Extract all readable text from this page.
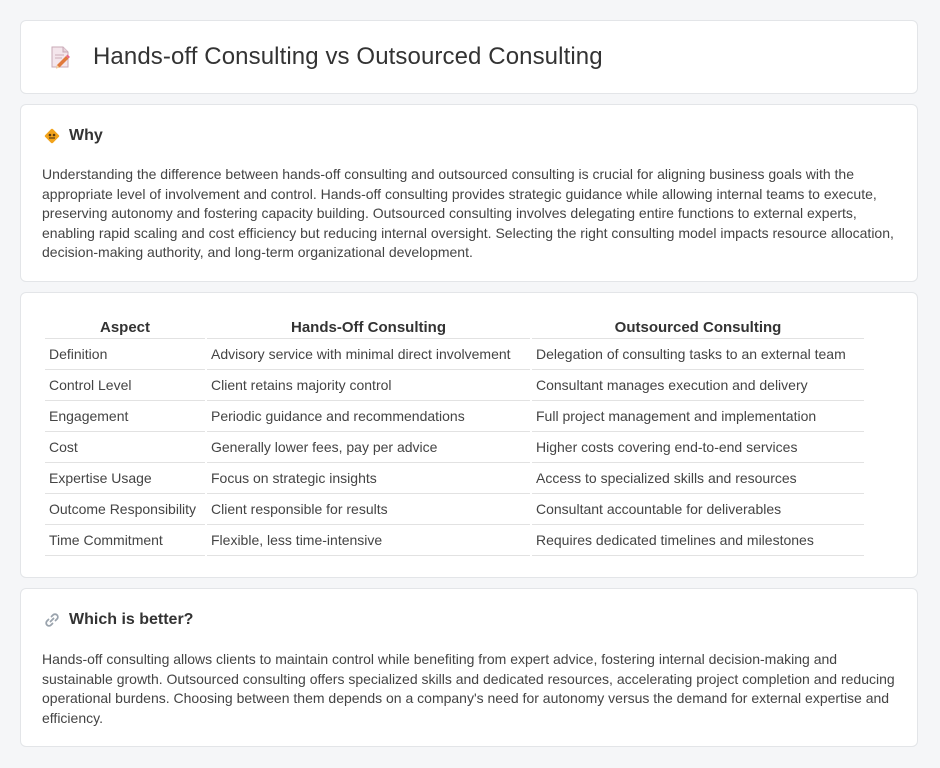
Hands-off Consulting vs Outsourced Consulting
Why

Understanding the difference between hands-off consulting and outsourced consulting is crucial for aligning business goals with the appropriate level of involvement and control. Hands-off consulting provides strategic guidance while allowing internal teams to execute, preserving autonomy and fostering capacity building. Outsourced consulting involves delegating entire functions to external experts, enabling rapid scaling and cost efficiency but reducing internal oversight. Selecting the right consulting model impacts resource allocation, decision-making authority, and long-term organizational development.

Aspect	Hands-Off Consulting	Outsourced Consulting
Definition	Advisory service with minimal direct involvement	Delegation of consulting tasks to an external team
Control Level	Client retains majority control	Consultant manages execution and delivery
Engagement	Periodic guidance and recommendations	Full project management and implementation
Cost	Generally lower fees, pay per advice	Higher costs covering end-to-end services
Expertise Usage	Focus on strategic insights	Access to specialized skills and resources
Outcome Responsibility	Client responsible for results	Consultant accountable for deliverables
Time Commitment	Flexible, less time-intensive	Requires dedicated timelines and milestones
Which is better?

Hands-off consulting allows clients to maintain control while benefiting from expert advice, fostering internal decision-making and sustainable growth. Outsourced consulting offers specialized skills and dedicated resources, accelerating project completion and reducing operational burdens. Choosing between them depends on a company's need for autonomy versus the demand for external expertise and efficiency.
